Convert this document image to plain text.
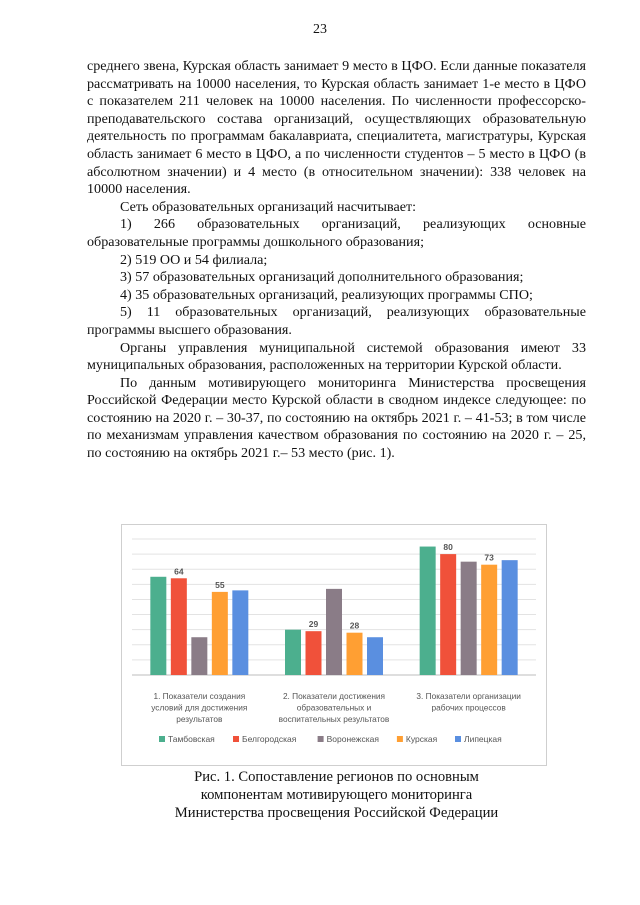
23

среднего звена, Курская область занимает 9 место в ЦФО. Если данные показателя рассматривать на 10000 населения, то Курская область занимает 1-е место в ЦФО с показателем 211 человек на 10000 населения. По численности профессорско-преподавательского состава организаций, осуществляющих образовательную деятельность по программам бакалавриата, специалитета, магистратуры, Курская область занимает 6 место в ЦФО, а по численности студентов – 5 место в ЦФО (в абсолютном значении) и 4 место (в относительном значении): 338 человек на 10000 населения.

Сеть образовательных организаций насчитывает:

1) 266 образовательных организаций, реализующих основные образовательные программы дошкольного образования;

2) 519 ОО и 54 филиала;

3) 57 образовательных организаций дополнительного образования;

4) 35 образовательных организаций, реализующих программы СПО;

5) 11 образовательных организаций, реализующих образовательные программы высшего образования.

Органы управления муниципальной системой образования имеют 33 муниципальных образования, расположенных на территории Курской области.

По данным мотивирующего мониторинга Министерства просвещения Российской Федерации место Курской области в сводном индексе следующее: по состоянию на 2020 г. – 30-37, по состоянию на октябрь 2021 г. – 41-53; в том числе по механизмам управления качеством образования по состоянию на 2020 г. – 25, по состоянию на октябрь 2021 г.– 53 место (рис. 1).

1. Показатели создания
условий для достижения
результатов
2. Показатели достижения
образовательных и
воспитательных результатов
3. Показатели организации
рабочих процессов
64
55
29	28
80
73
Тамбовская	Белгородская	Воронежская	Курская	Липецкая
Рис. 1. Сопоставление регионов по основным
компонентам мотивирующего мониторинга
Министерства просвещения Российской Федерации
